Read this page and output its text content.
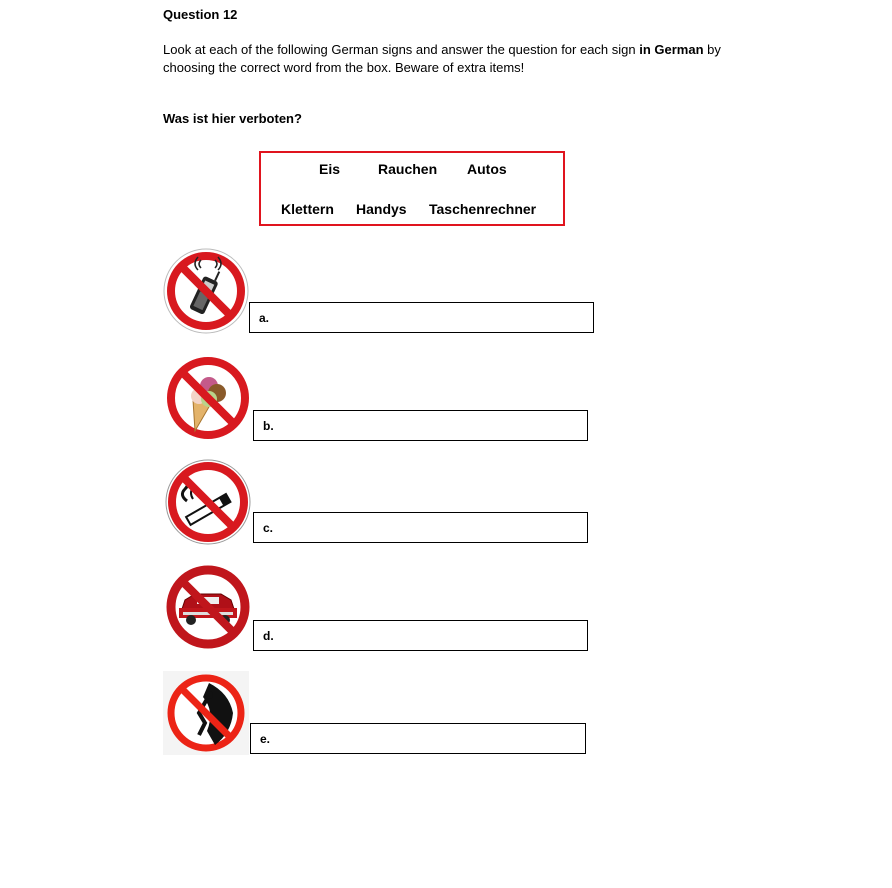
Question 12
Look at each of the following German signs and answer the question for each sign in German by choosing the correct word from the box. Beware of extra items!
Was ist hier verboten?
Eis	Rauchen Autos
Klettern Handys Taschenrechner
a.
b.
c.
d.
e.
